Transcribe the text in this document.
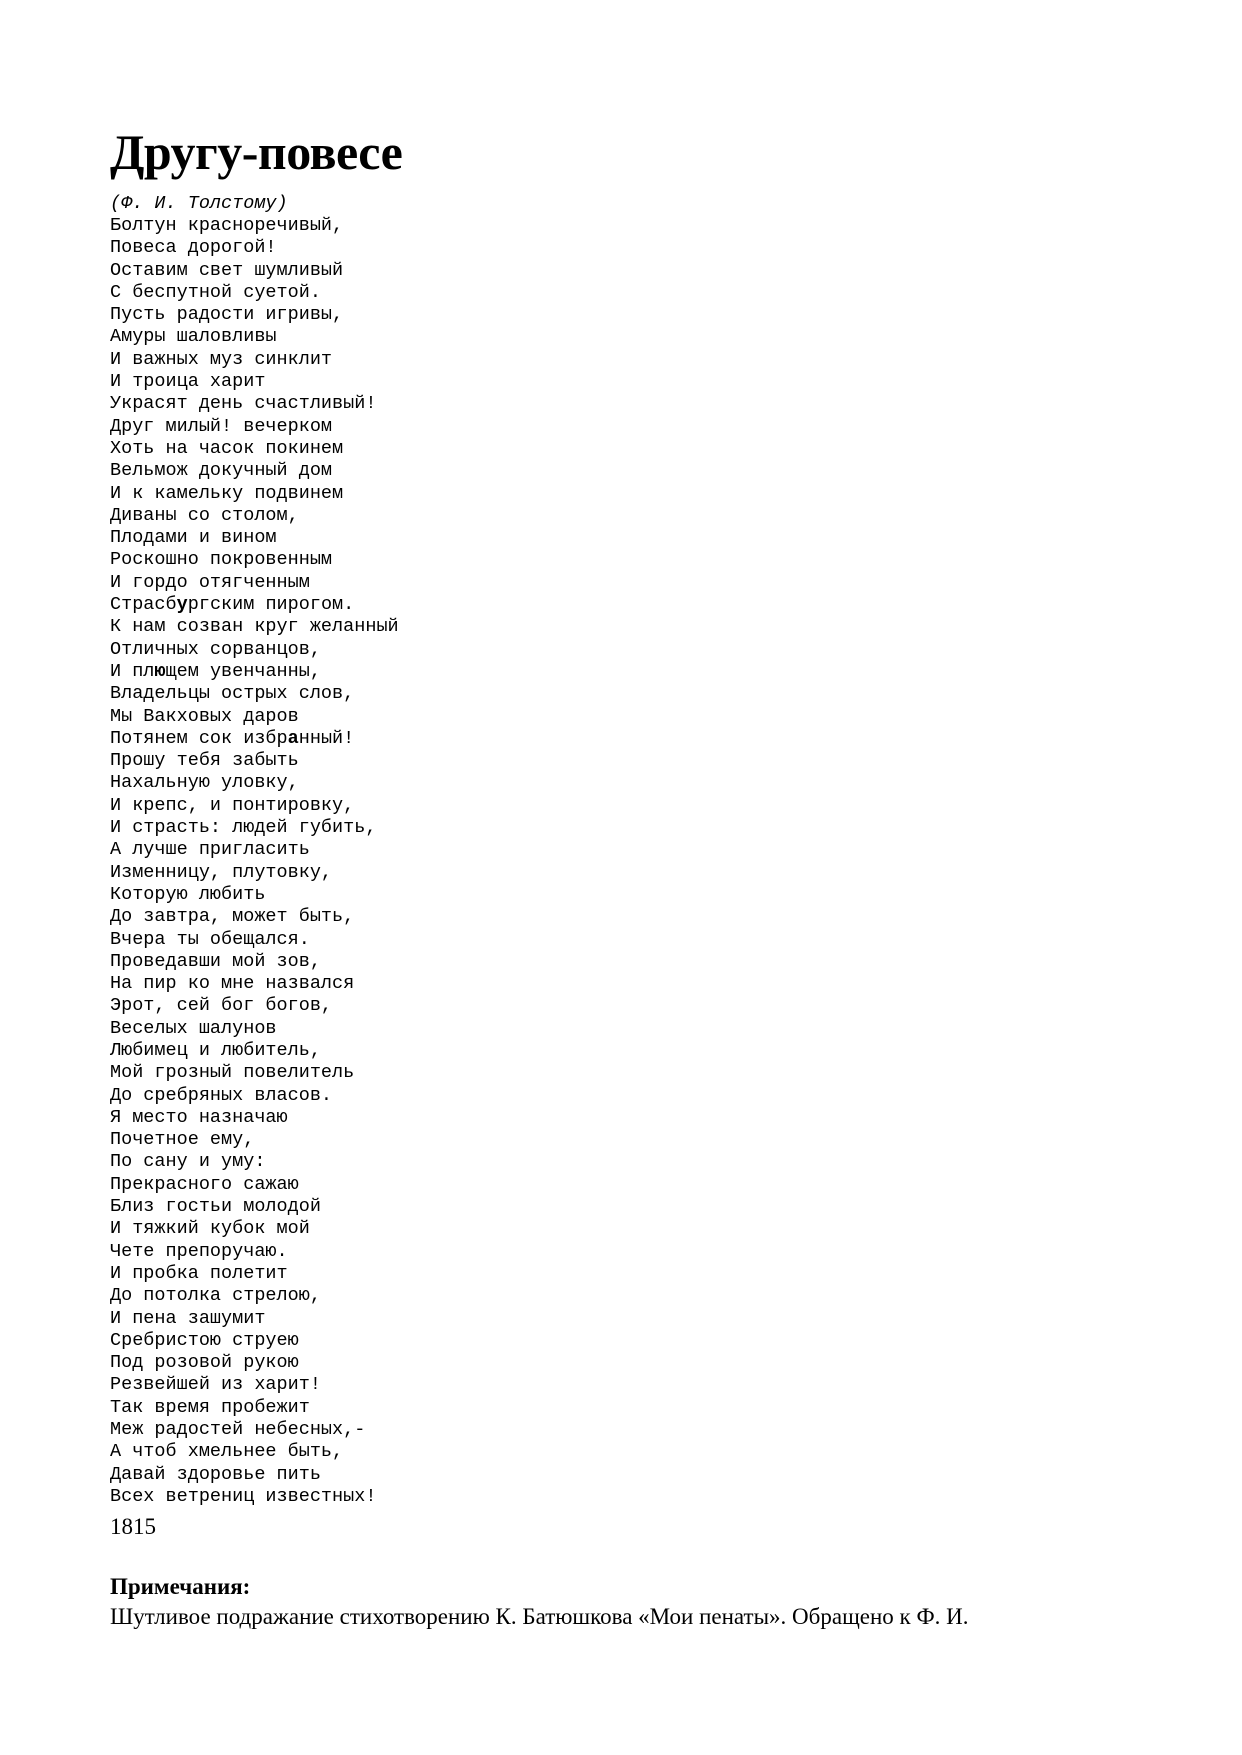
Другу-повесе

(Ф. И. Толстому)

Болтун красноречивый,
Повеса дорогой!
Оставим свет шумливый
С беспутной суетой.
Пусть радости игривы,
Амуры шаловливы
И важных муз синклит
И троица харит
Украсят день счастливый!
Друг милый! вечерком
Хоть на часок покинем
Вельмож докучный дом
И к камельку подвинем
Диваны со столом,
Плодами и вином
Роскошно покровенным
И гордо отягченным
Страсбургским пирогом.
К нам созван круг желанный
Отличных сорванцов,
И плющем увенчанны,
Владельцы острых слов,
Мы Вакховых даров
Потянем сок избранный!
Прошу тебя забыть
Нахальную уловку,
И крепс, и понтировку,
И страсть: людей губить,
А лучше пригласить
Изменницу, плутовку,
Которую любить
До завтра, может быть,
Вчера ты обещался.
Проведавши мой зов,
На пир ко мне назвался
Эрот, сей бог богов,
Веселых шалунов
Любимец и любитель,
Мой грозный повелитель
До сребряных власов.
Я место назначаю
Почетное ему,
По сану и уму:
Прекрасного сажаю
Близ гостьи молодой
И тяжкий кубок мой
Чете препоручаю.
И пробка полетит
До потолка стрелою,
И пена зашумит
Сребристою струею
Под розовой рукою
Резвейшей из харит!
Так время пробежит
Меж радостей небесных,-
А чтоб хмельнее быть,
Давай здоровье пить
Всех ветрениц известных!

1815

Примечания:

Шутливое подражание стихотворению К. Батюшкова «Мои пенаты». Обращено к Ф. И.
